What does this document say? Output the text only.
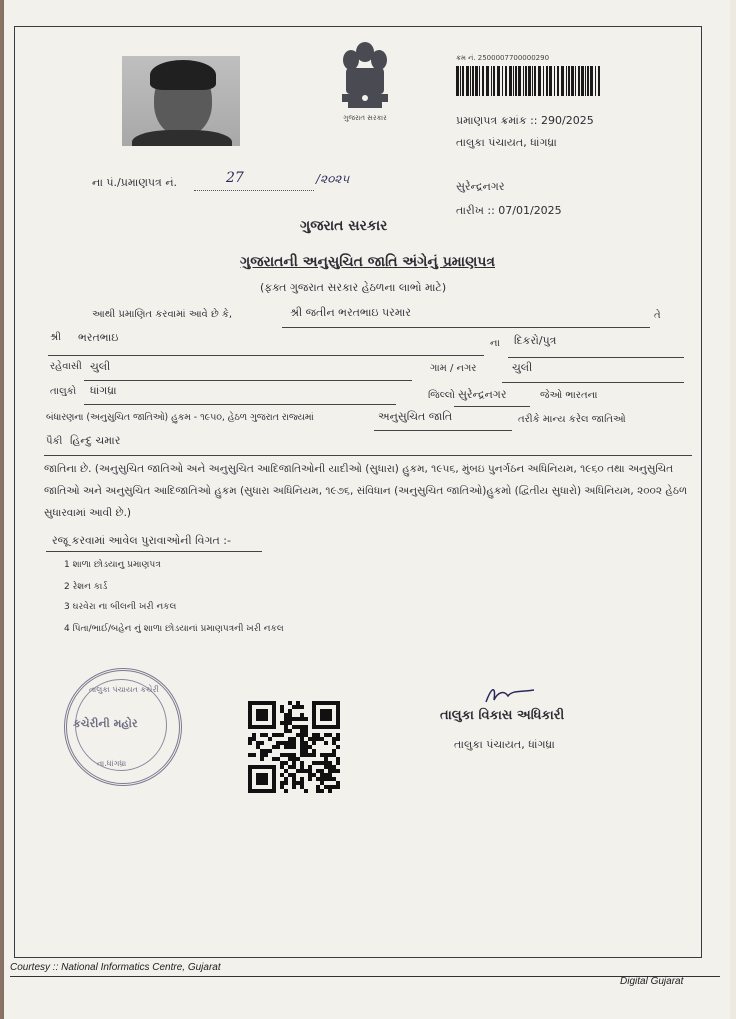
ગુજરાત સરકાર
ક્રમ નં. 2500007700000290
પ્રમાણપત્ર ક્રમાંક :: 290/2025
તાલુકા પંચાયત, ધાંગધ્રા
ના પં./પ્રમાણપત્ર નં.	27	/૨૦૨૫
સુરેન્દ્રનગર
તારીખ :: 07/01/2025
ગુજરાત સરકાર
ગુજરાતની અનુસુચિત જાતિ અંગેનું પ્રમાણપત્ર
(ફક્ત ગુજરાત સરકાર હેઠળના લાભો માટે)
આથી પ્રમાણિત કરવામાં આવે છે કે,	શ્રી જતીન ભરતભાઇ પરમાર	તે
શ્રી ભરતભાઇ	ના દિકરો/પુત્ર
રહેવાસી ચુલી	ગામ / નગર	ચુલી
તાલુકો ધાંગધ્રા	જિલ્લો સુરેન્દ્રનગર	જેઓ ભારતના
બંધારણના (અનુસુચિત જાતિઓ) હુકમ - ૧૯૫૦, હેઠળ ગુજરાત રાજ્યમાં	અનુસુચિત જાતિ	તરીકે માન્ય કરેલ જાતિઓ
પૈકી હિન્દુ ચમાર
જાતિના છે. (અનુસુચિત જાતિઓ અને અનુસુચિત આદિજાતિઓની યાદીઓ (સુધારા) હુકમ, ૧૯૫૬, મુંબઇ પુનર્ગઠન અધિનિયમ, ૧૯૬૦ તથા અનુસુચિત જાતિઓ અને અનુસુચિત આદિજાતિઓ હુકમ (સુધારા અધિનિયમ, ૧૯૭૬, સંવિધાન (અનુસુચિત જાતિઓ)હુકમો (દ્વિતીય સુધારો) અધિનિયમ, ૨૦૦૨ હેઠળ સુધારવામાં આવી છે.)
રજૂ કરવામાં આવેલ પુરાવાઓની વિગત :-
1 શાળા છોડયાનુ પ્રમાણપત્ર
2 રેશન કાર્ડ
3 ઘરવેરા ના બીલની ખરી નકલ
4 પિતા/ભાઈ/બહેન નું શાળા છોડયાનાં પ્રમાણપત્રની ખરી નકલ
તાલુકા પંચાયત કચેરી
કચેરીની મહોર
તા.ધાંગધ્રા
તાલુકા વિકાસ અધિકારી
તાલુકા પંચાયત, ધાંગધ્રા
Courtesy :: National Informatics Centre, Gujarat
Digital Gujarat
